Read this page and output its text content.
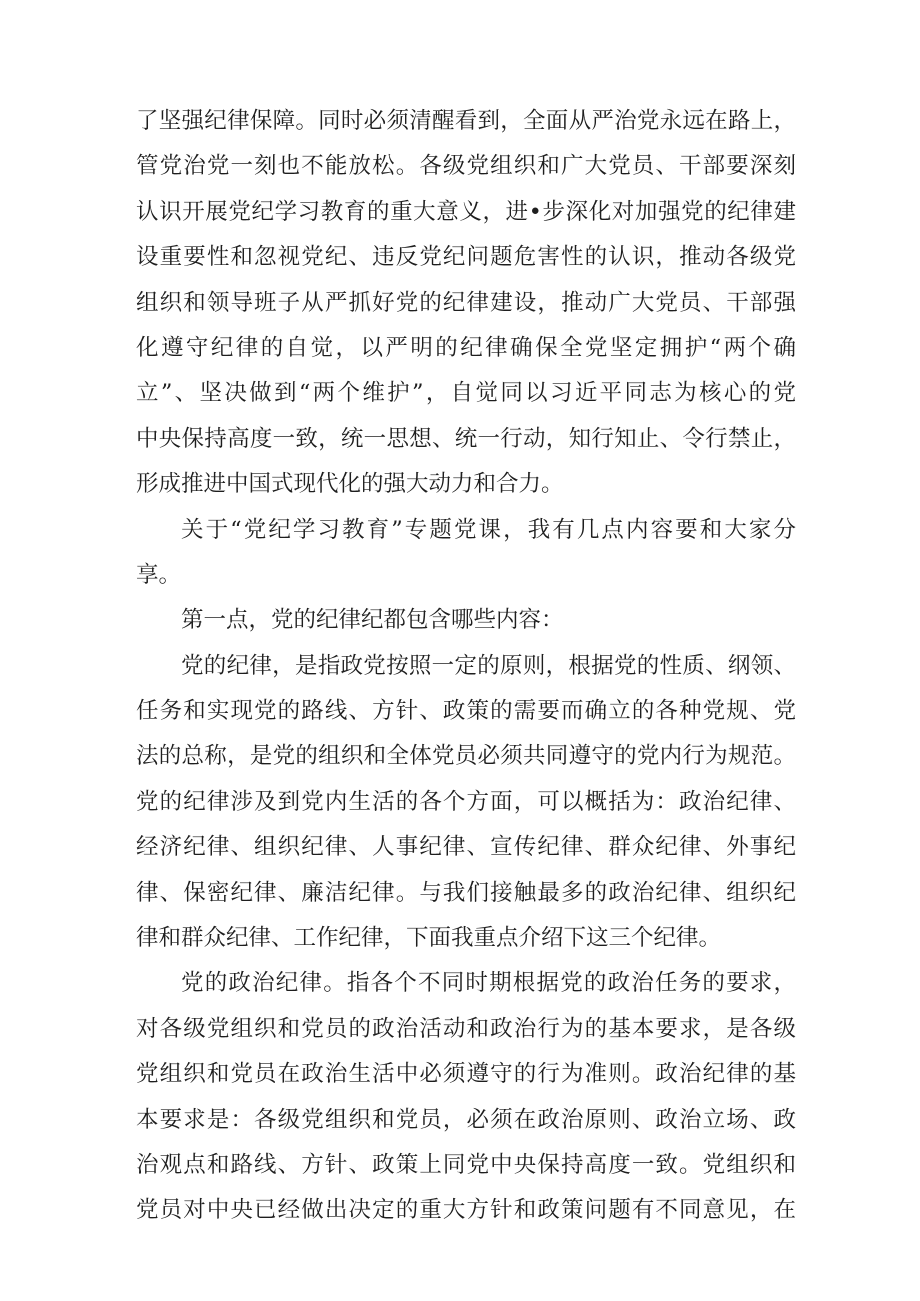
了坚强纪律保障。同时必须清醒看到，全面从严治党永远在路上，
管党治党一刻也不能放松。各级党组织和广大党员、干部要深刻
认识开展党纪学习教育的重大意义，进•步深化对加强党的纪律建
设重要性和忽视党纪、违反党纪问题危害性的认识，推动各级党
组织和领导班子从严抓好党的纪律建设，推动广大党员、干部强
化遵守纪律的自觉，以严明的纪律确保全党坚定拥护“两个确
立”、坚决做到“两个维护”，自觉同以习近平同志为核心的党
中央保持高度一致，统一思想、统一行动，知行知止、令行禁止，
形成推进中国式现代化的强大动力和合力。
关于“党纪学习教育”专题党课，我有几点内容要和大家分
享。
第一点，党的纪律纪都包含哪些内容：
党的纪律，是指政党按照一定的原则，根据党的性质、纲领、
任务和实现党的路线、方针、政策的需要而确立的各种党规、党
法的总称，是党的组织和全体党员必须共同遵守的党内行为规范。
党的纪律涉及到党内生活的各个方面，可以概括为：政治纪律、
经济纪律、组织纪律、人事纪律、宣传纪律、群众纪律、外事纪
律、保密纪律、廉洁纪律。与我们接触最多的政治纪律、组织纪
律和群众纪律、工作纪律，下面我重点介绍下这三个纪律。
党的政治纪律。指各个不同时期根据党的政治任务的要求，
对各级党组织和党员的政治活动和政治行为的基本要求，是各级
党组织和党员在政治生活中必须遵守的行为准则。政治纪律的基
本要求是：各级党组织和党员，必须在政治原则、政治立场、政
治观点和路线、方针、政策上同党中央保持高度一致。党组织和
党员对中央已经做出决定的重大方针和政策问题有不同意见，在
